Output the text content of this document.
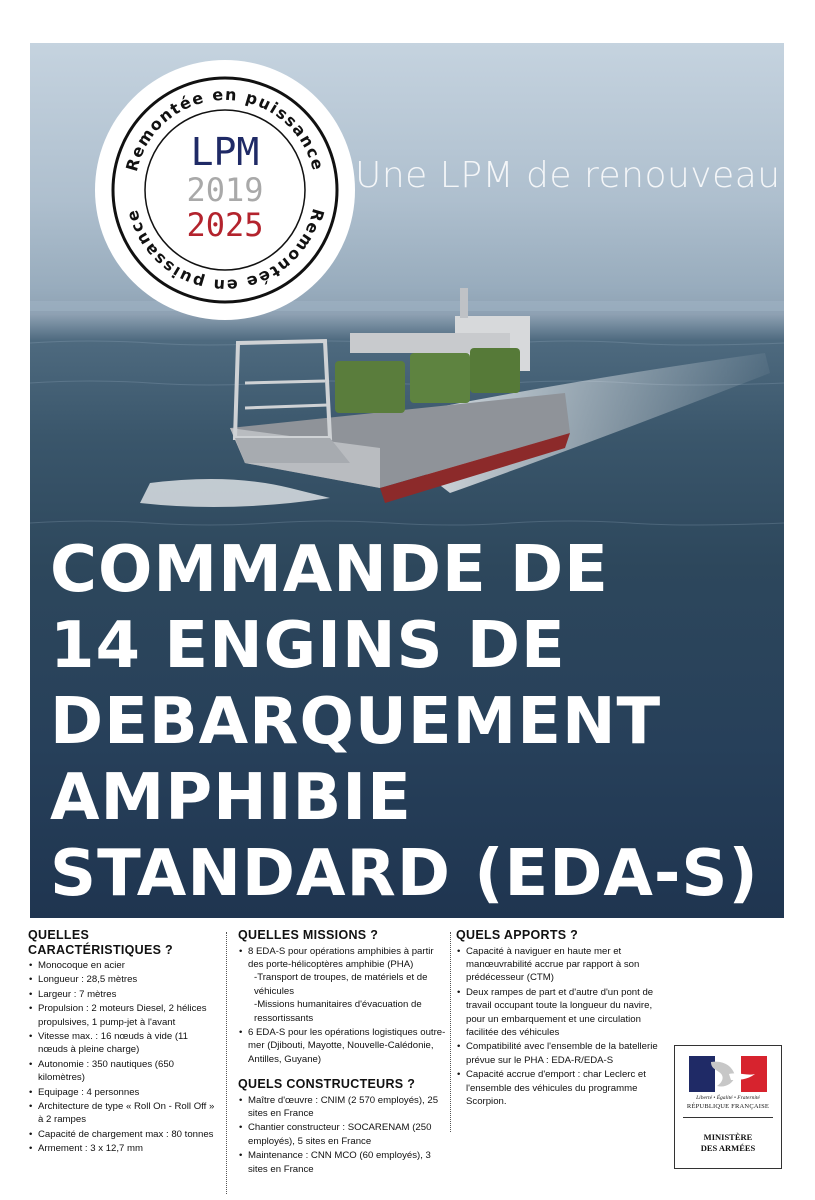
Remontée en puissance
Remontée en puissance
LPM
2019
2025

Une LPM de renouveau

COMMANDE DE
14 ENGINS DE
DEBARQUEMENT
AMPHIBIE
STANDARD (EDA-S)
QUELLES
CARACTÉRISTIQUES ?
• Monocoque en acier
• Longueur : 28,5 mètres
• Largeur : 7 mètres
• Propulsion : 2 moteurs Diesel, 2 hélices propulsives, 1 pump-jet à l'avant
• Vitesse max. : 16 nœuds à vide (11 nœuds à pleine charge)
• Autonomie : 350 nautiques (650 kilomètres)
• Equipage : 4 personnes
• Architecture de type « Roll On - Roll Off » à 2 rampes
• Capacité de chargement max : 80 tonnes
• Armement : 3 x 12,7 mm
QUELLES MISSIONS ?
• 8 EDA-S pour opérations amphibies à partir des porte-hélicoptères amphibie (PHA)
-Transport de troupes, de matériels et de véhicules
-Missions humanitaires d'évacuation de ressortissants
• 6 EDA-S pour les opérations logistiques outre-mer (Djibouti, Mayotte, Nouvelle-Calédonie, Antilles, Guyane)
QUELS CONSTRUCTEURS ?
• Maître d'œuvre : CNIM (2 570 employés), 25 sites en France
• Chantier constructeur : SOCARENAM (250 employés), 5 sites en France
• Maintenance : CNN MCO (60 employés), 3 sites en France
QUELS APPORTS ?
• Capacité à naviguer en haute mer et manœuvrabilité accrue par rapport à son prédécesseur (CTM)
• Deux rampes de part et d'autre d'un pont de travail occupant toute la longueur du navire, pour un embarquement et une circulation facilitée des véhicules
• Compatibilité avec l'ensemble de la batellerie prévue sur le PHA : EDA-R/EDA-S
• Capacité accrue d'emport : char Leclerc et l'ensemble des véhicules du programme Scorpion.	Liberté • Égalité • Fraternité
RÉPUBLIQUE FRANÇAISE
MINISTÈRE
DES ARMÉES
